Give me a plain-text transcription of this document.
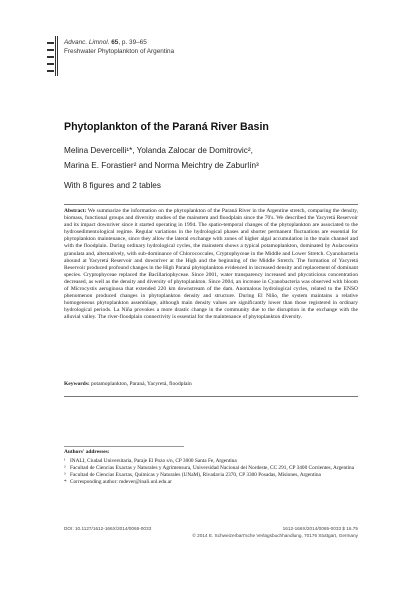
Advanc. Limnol. 65, p. 39–65
Freshwater Phytoplankton of Argentina
Phytoplankton of the Paraná River Basin
Melina Devercelli¹*, Yolanda Zalocar de Domitrovic²,
Marina E. Forastier² and Norma Meichtry de Zaburlín³
With 8 figures and 2 tables
Abstract: We summarize the information on the phytoplankton of the Paraná River in the Argentine stretch, comparing the density, biomass, functional groups and diversity studies of the mainstem and floodplain since the 70's. We described the Yacyretá Reservoir and its impact downriver since it started operating in 1994. The spatio-temporal changes of the phytoplankton are associated to the hydrosedimentological regime. Regular variations in the hydrological phases and shorter permanent fluctuations are essential for phytoplankton maintenance, since they allow the lateral exchange with zones of higher algal accumulation in the main channel and with the floodplain. During ordinary hydrological cycles, the mainstem shows a typical potamoplankton, dominated by Aulacoseira granulata and, alternatively, with sub-dominance of Chlorococcales, Cryptophyceae in the Middle and Lower Stretch. Cyanobacteria abound at Yacyretá Reservoir and downriver at the High and the beginning of the Middle Stretch. The formation of Yacyretá Reservoir produced profound changes in the High Paraná phytoplankton evidenced in increased density and replacement of dominant species. Cryptophyceae replaced the Bacillariophyceae. Since 2001, water transparency increased and phycoticious concentration decreased, as well as the density and diversity of phytoplankton. Since 2004, an increase in Cyanobacteria was observed with bloom of Microcystis aeruginosa that extended 220 km downstream of the dam. Anomalous hydrological cycles, related to the ENSO phenomenon produced changes in phytoplankton density and structure. During El Niño, the system maintains a relative homogeneous phytoplankton assemblage, although main density values are significantly lower than those registered in ordinary hydrological periods. La Niña provokes a more drastic change in the community due to the disruption in the exchange with the alluvial valley. The river-floodplain connectivity is essential for the maintenance of phytoplankton diversity.
Keywords: potamoplankton, Paraná, Yacyretá, floodplain
Authors' addresses:
¹ INALI, Ciudad Universitaria, Paraje El Pozo s/n, CP 3000 Santa Fe, Argentina
² Facultad de Ciencias Exactas y Naturales y Agrimensura, Universidad Nacional del Nordeste, CC 291, CP 3400 Corrientes, Argentina
³ Facultad de Ciencias Exactas, Químicas y Naturales (UNaM), Rivadavia 2370, CP 3300 Posadas, Misiones, Argentina
* Corresponding author: mdever@inali.unl.edu.ar
DOI: 10.1127/1612-166X/2014/0065-0033	1612-166X/2014/0065-0033 $ 16.75
© 2014 E. Schweizerbart'sche Verlagsbuchhandlung, 70176 Stuttgart, Germany
